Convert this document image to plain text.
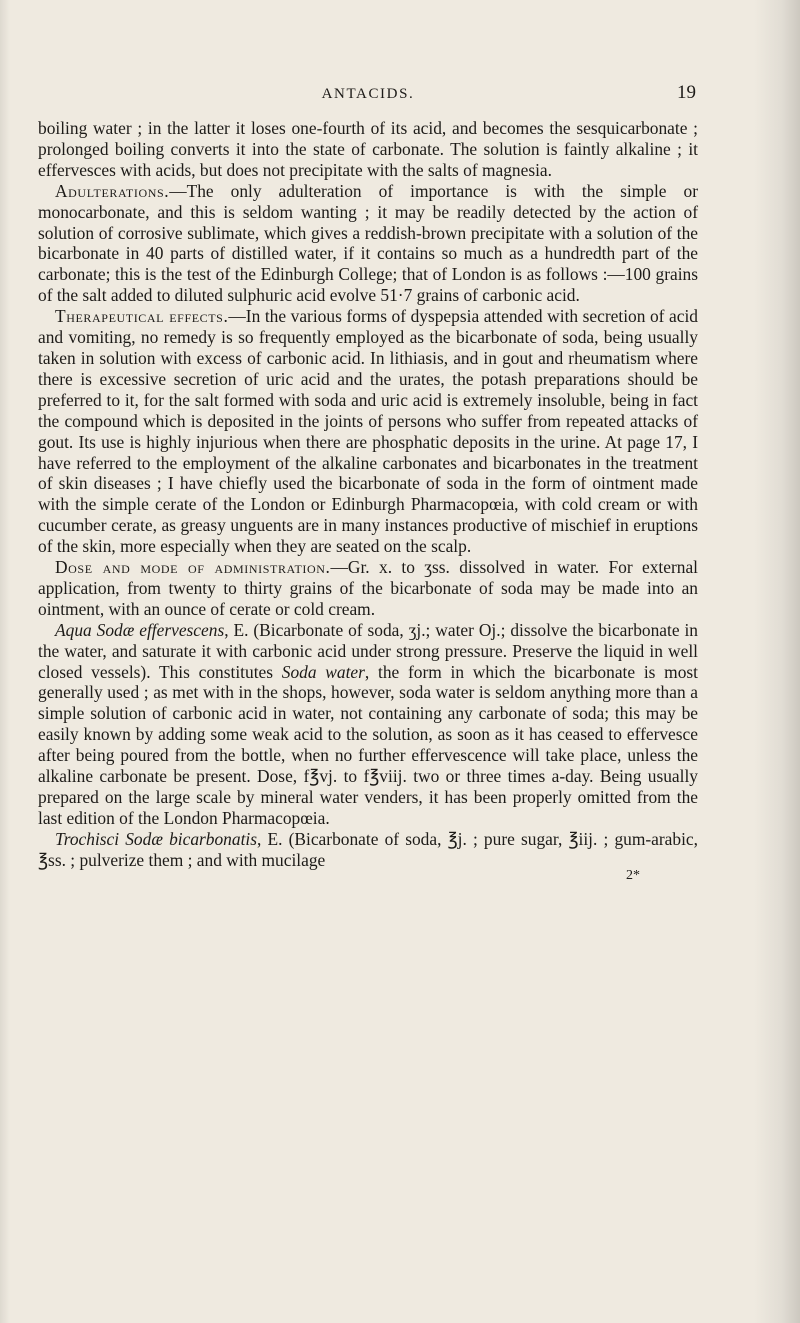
ANTACIDS.	19

boiling water ; in the latter it loses one-fourth of its acid, and becomes the sesquicarbonate ; prolonged boiling converts it into the state of carbonate. The solution is faintly alkaline ; it effervesces with acids, but does not precipitate with the salts of magnesia.

Adulterations.—The only adulteration of importance is with the simple or monocarbonate, and this is seldom wanting ; it may be readily detected by the action of solution of corrosive sublimate, which gives a reddish-brown precipitate with a solution of the bicarbonate in 40 parts of distilled water, if it contains so much as a hundredth part of the carbonate; this is the test of the Edinburgh College; that of London is as follows :—100 grains of the salt added to diluted sulphuric acid evolve 51·7 grains of carbonic acid.

Therapeutical effects.—In the various forms of dyspepsia attended with secretion of acid and vomiting, no remedy is so frequently employed as the bicarbonate of soda, being usually taken in solution with excess of carbonic acid. In lithiasis, and in gout and rheumatism where there is excessive secretion of uric acid and the urates, the potash preparations should be preferred to it, for the salt formed with soda and uric acid is extremely insoluble, being in fact the compound which is deposited in the joints of persons who suffer from repeated attacks of gout. Its use is highly injurious when there are phosphatic deposits in the urine. At page 17, I have referred to the employment of the alkaline carbonates and bicarbonates in the treatment of skin diseases ; I have chiefly used the bicarbonate of soda in the form of ointment made with the simple cerate of the London or Edinburgh Pharmacopœia, with cold cream or with cucumber cerate, as greasy unguents are in many instances productive of mischief in eruptions of the skin, more especially when they are seated on the scalp.

Dose and mode of administration.—Gr. x. to ʒss. dissolved in water. For external application, from twenty to thirty grains of the bicarbonate of soda may be made into an ointment, with an ounce of cerate or cold cream.

Aqua Sodæ effervescens, E. (Bicarbonate of soda, ʒj.; water Oj.; dissolve the bicarbonate in the water, and saturate it with carbonic acid under strong pressure. Preserve the liquid in well closed vessels). This constitutes Soda water, the form in which the bicarbonate is most generally used ; as met with in the shops, however, soda water is seldom anything more than a simple solution of carbonic acid in water, not containing any carbonate of soda; this may be easily known by adding some weak acid to the solution, as soon as it has ceased to effervesce after being poured from the bottle, when no further effervescence will take place, unless the alkaline carbonate be present. Dose, f℥vj. to f℥viij. two or three times a-day. Being usually prepared on the large scale by mineral water venders, it has been properly omitted from the last edition of the London Pharmacopœia.

Trochisci Sodæ bicarbonatis, E. (Bicarbonate of soda, ℥j. ; pure sugar, ℥iij. ; gum-arabic, ℥ss. ; pulverize them ; and with mucilage

2*
